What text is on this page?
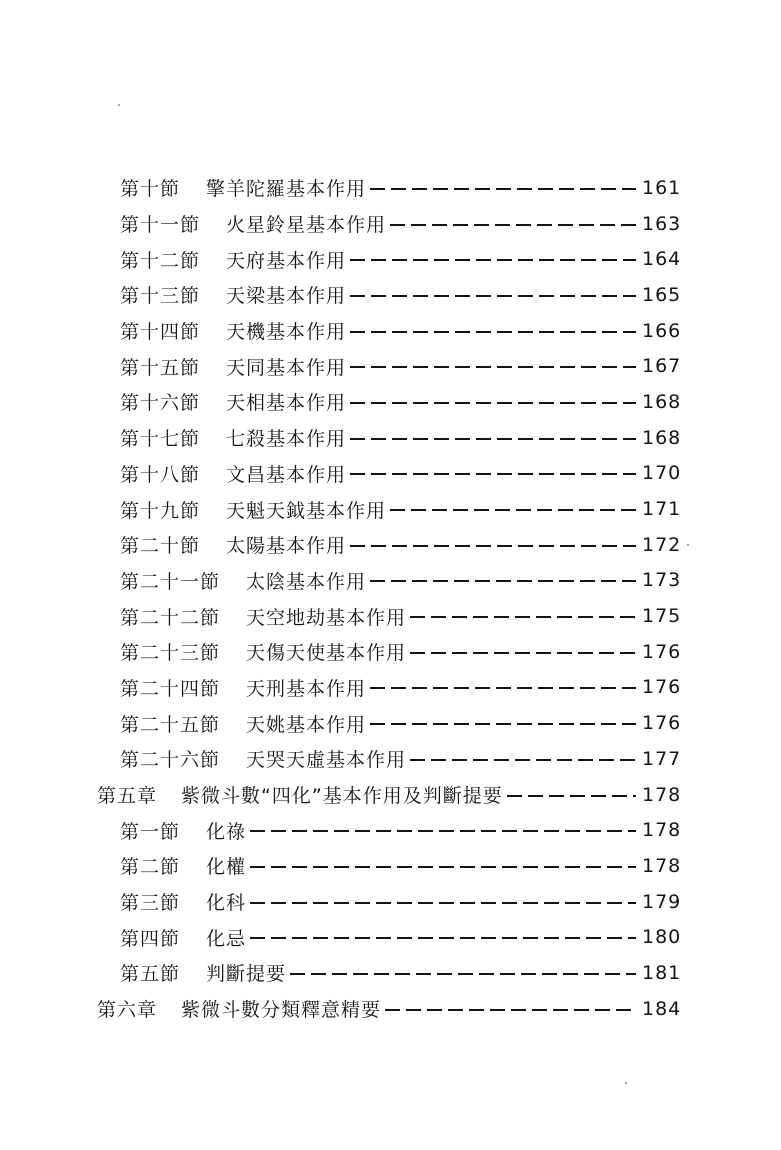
第十節 擎羊陀羅基本作用	161
第十一節 火星鈴星基本作用	163
第十二節 天府基本作用	164
第十三節 天梁基本作用	165
第十四節 天機基本作用	166
第十五節 天同基本作用	167
第十六節 天相基本作用	168
第十七節 七殺基本作用	168
第十八節 文昌基本作用	170
第十九節 天魁天鉞基本作用	171
第二十節 太陽基本作用	172
第二十一節 太陰基本作用	173
第二十二節 天空地劫基本作用	175
第二十三節 天傷天使基本作用	176
第二十四節 天刑基本作用	176
第二十五節 天姚基本作用	176
第二十六節 天哭天虛基本作用	177
第五章 紫微斗數“四化”基本作用及判斷提要	178
第一節 化祿	178
第二節 化權	178
第三節 化科	179
第四節 化忌	180
第五節 判斷提要	181
第六章 紫微斗數分類釋意精要	184
